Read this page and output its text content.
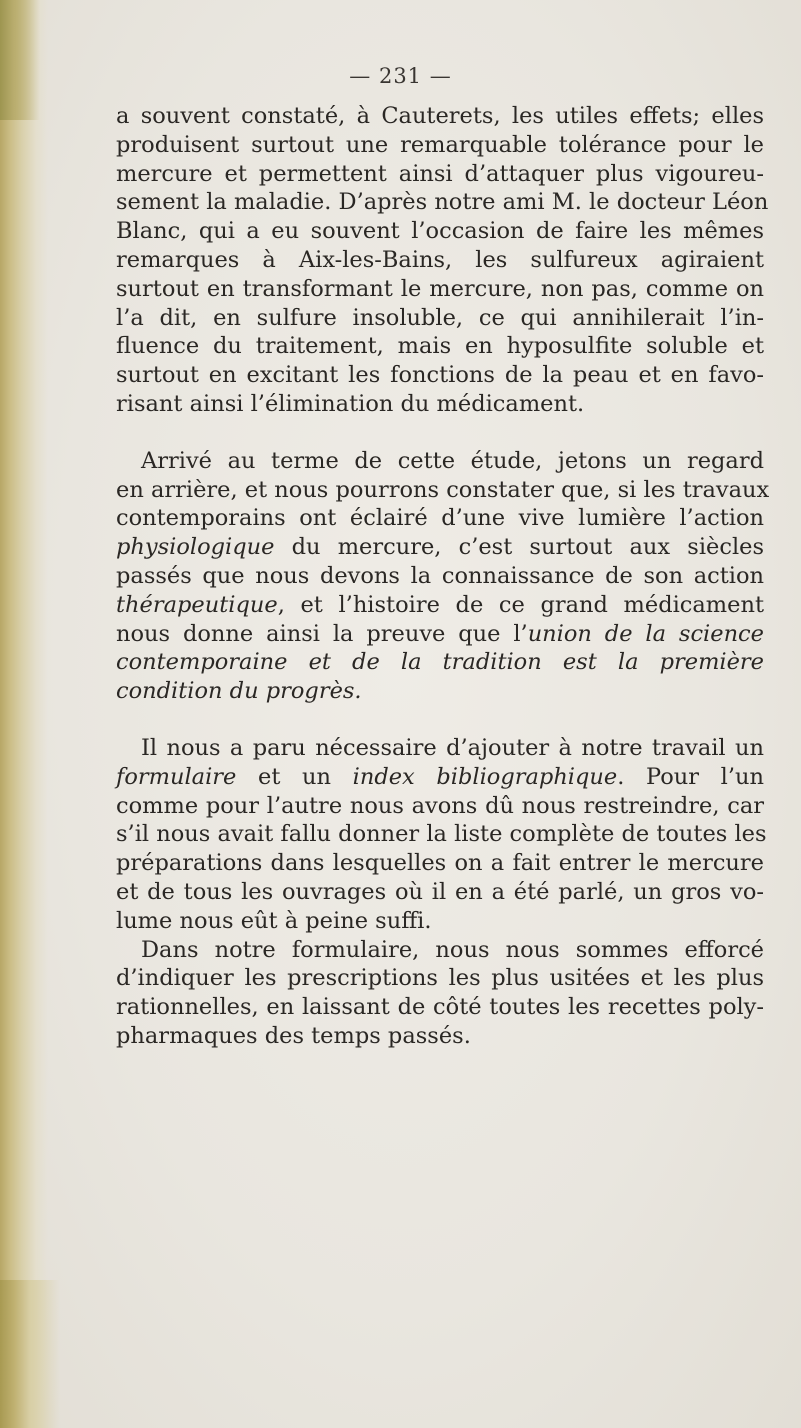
— 231 —
a souvent constaté, à Cauterets, les utiles effets; elles
produisent surtout une remarquable tolérance pour le
mercure et permettent ainsi d’attaquer plus vigoureu-
sement la maladie. D’après notre ami M. le docteur Léon
Blanc, qui a eu souvent l’occasion de faire les mêmes
remarques à Aix-les-Bains, les sulfureux agiraient
surtout en transformant le mercure, non pas, comme on
l’a dit, en sulfure insoluble, ce qui annihilerait l’in-
fluence du traitement, mais en hyposulfite soluble et
surtout en excitant les fonctions de la peau et en favo-
risant ainsi l’élimination du médicament.
Arrivé au terme de cette étude, jetons un regard
en arrière, et nous pourrons constater que, si les travaux
contemporains ont éclairé d’une vive lumière l’action
physiologique du mercure, c’est surtout aux siècles
passés que nous devons la connaissance de son action
thérapeutique, et l’histoire de ce grand médicament
nous donne ainsi la preuve que l’union de la science
contemporaine et de la tradition est la première
condition du progrès.
Il nous a paru nécessaire d’ajouter à notre travail un
formulaire et un index bibliographique. Pour l’un
comme pour l’autre nous avons dû nous restreindre, car
s’il nous avait fallu donner la liste complète de toutes les
préparations dans lesquelles on a fait entrer le mercure
et de tous les ouvrages où il en a été parlé, un gros vo-
lume nous eût à peine suffi.
Dans notre formulaire, nous nous sommes efforcé
d’indiquer les prescriptions les plus usitées et les plus
rationnelles, en laissant de côté toutes les recettes poly-
pharmaques des temps passés.
